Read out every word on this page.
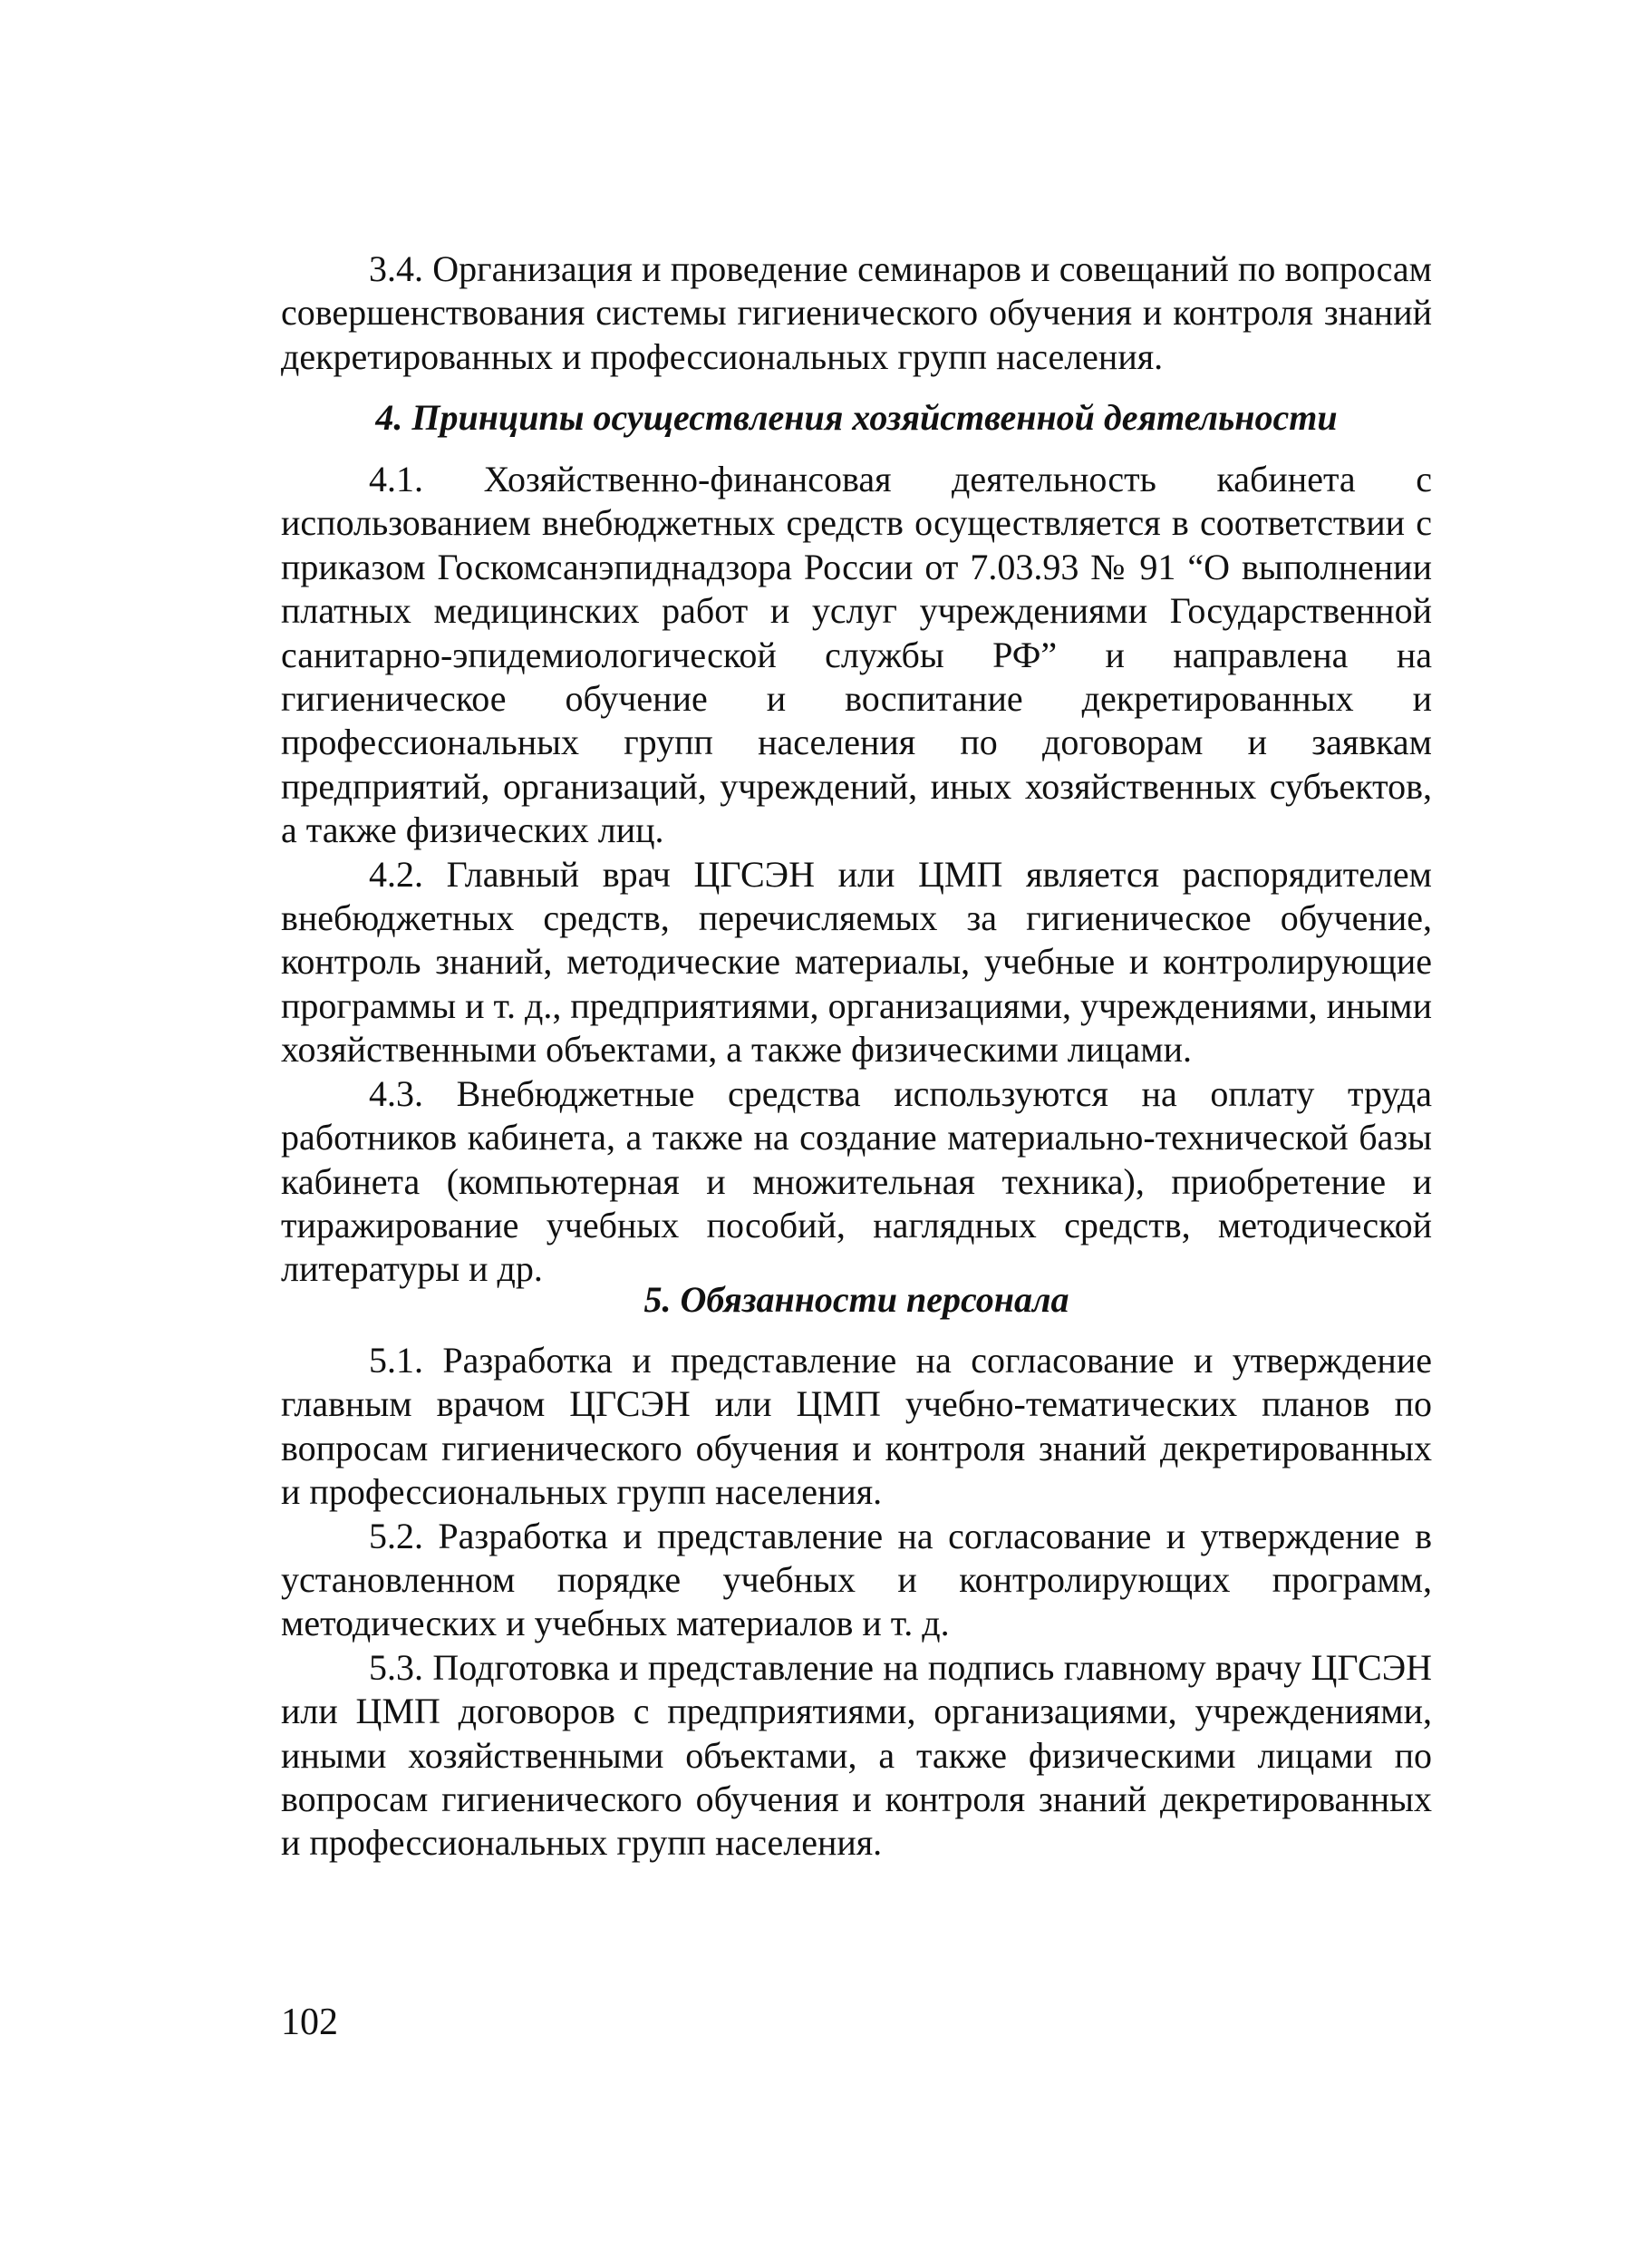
3.4. Организация и проведение семинаров и совещаний по вопросам совершенствования системы гигиенического обучения и контроля знаний декретированных и профессиональных групп населения.

4. Принципы осуществления хозяйственной деятельности

4.1. Хозяйственно-финансовая деятельность кабинета с использованием внебюджетных средств осуществляется в соответствии с приказом Госкомсанэпиднадзора России от 7.03.93 № 91 “О выполнении платных медицинских работ и услуг учреждениями Государственной санитарно-эпидемиологической службы РФ” и направлена на гигиеническое обучение и воспитание декретированных и профессиональных групп населения по договорам и заявкам предприятий, организаций, учреждений, иных хозяйственных субъектов, а также физических лиц.

4.2. Главный врач ЦГСЭН или ЦМП является распорядителем внебюджетных средств, перечисляемых за гигиеническое обучение, контроль знаний, методические материалы, учебные и контролирующие программы и т. д., предприятиями, организациями, учреждениями, иными хозяйственными объектами, а также физическими лицами.

4.3. Внебюджетные средства используются на оплату труда работников кабинета, а также на создание материально-технической базы кабинета (компьютерная и множительная техника), приобретение и тиражирование учебных пособий, наглядных средств, методической литературы и др.

5. Обязанности персонала

5.1. Разработка и представление на согласование и утверждение главным врачом ЦГСЭН или ЦМП учебно-тематических планов по вопросам гигиенического обучения и контроля знаний декретированных и профессиональных групп населения.

5.2. Разработка и представление на согласование и утверждение в установленном порядке учебных и контролирующих программ, методических и учебных материалов и т. д.

5.3. Подготовка и представление на подпись главному врачу ЦГСЭН или ЦМП договоров с предприятиями, организациями, учреждениями, иными хозяйственными объектами, а также физическими лицами по вопросам гигиенического обучения и контроля знаний декретированных и профессиональных групп населения.

102
